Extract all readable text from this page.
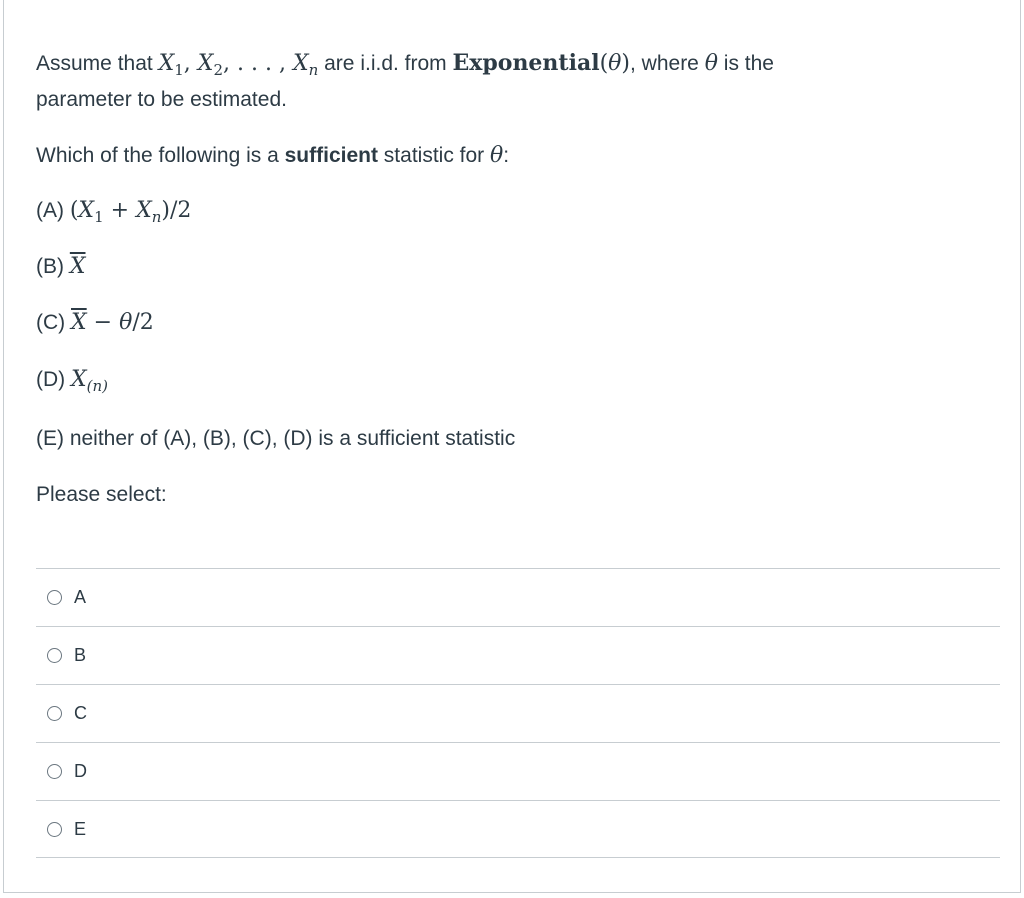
Assume that $X_1$, $X_2$, . . . , $X_n$ are i.i.d. from Exponential(θ), where θ is the

parameter to be estimated.

Which of the following is a sufficient statistic for θ:

(A) $(X_1 + X_n)/2$

(B) $\overline{X}$

(C) $\overline{X} - \theta/2$

(D) $X_{(n)}$

(E) neither of (A), (B), (C), (D) is a sufficient statistic

Please select:

A
B
C
D
E
